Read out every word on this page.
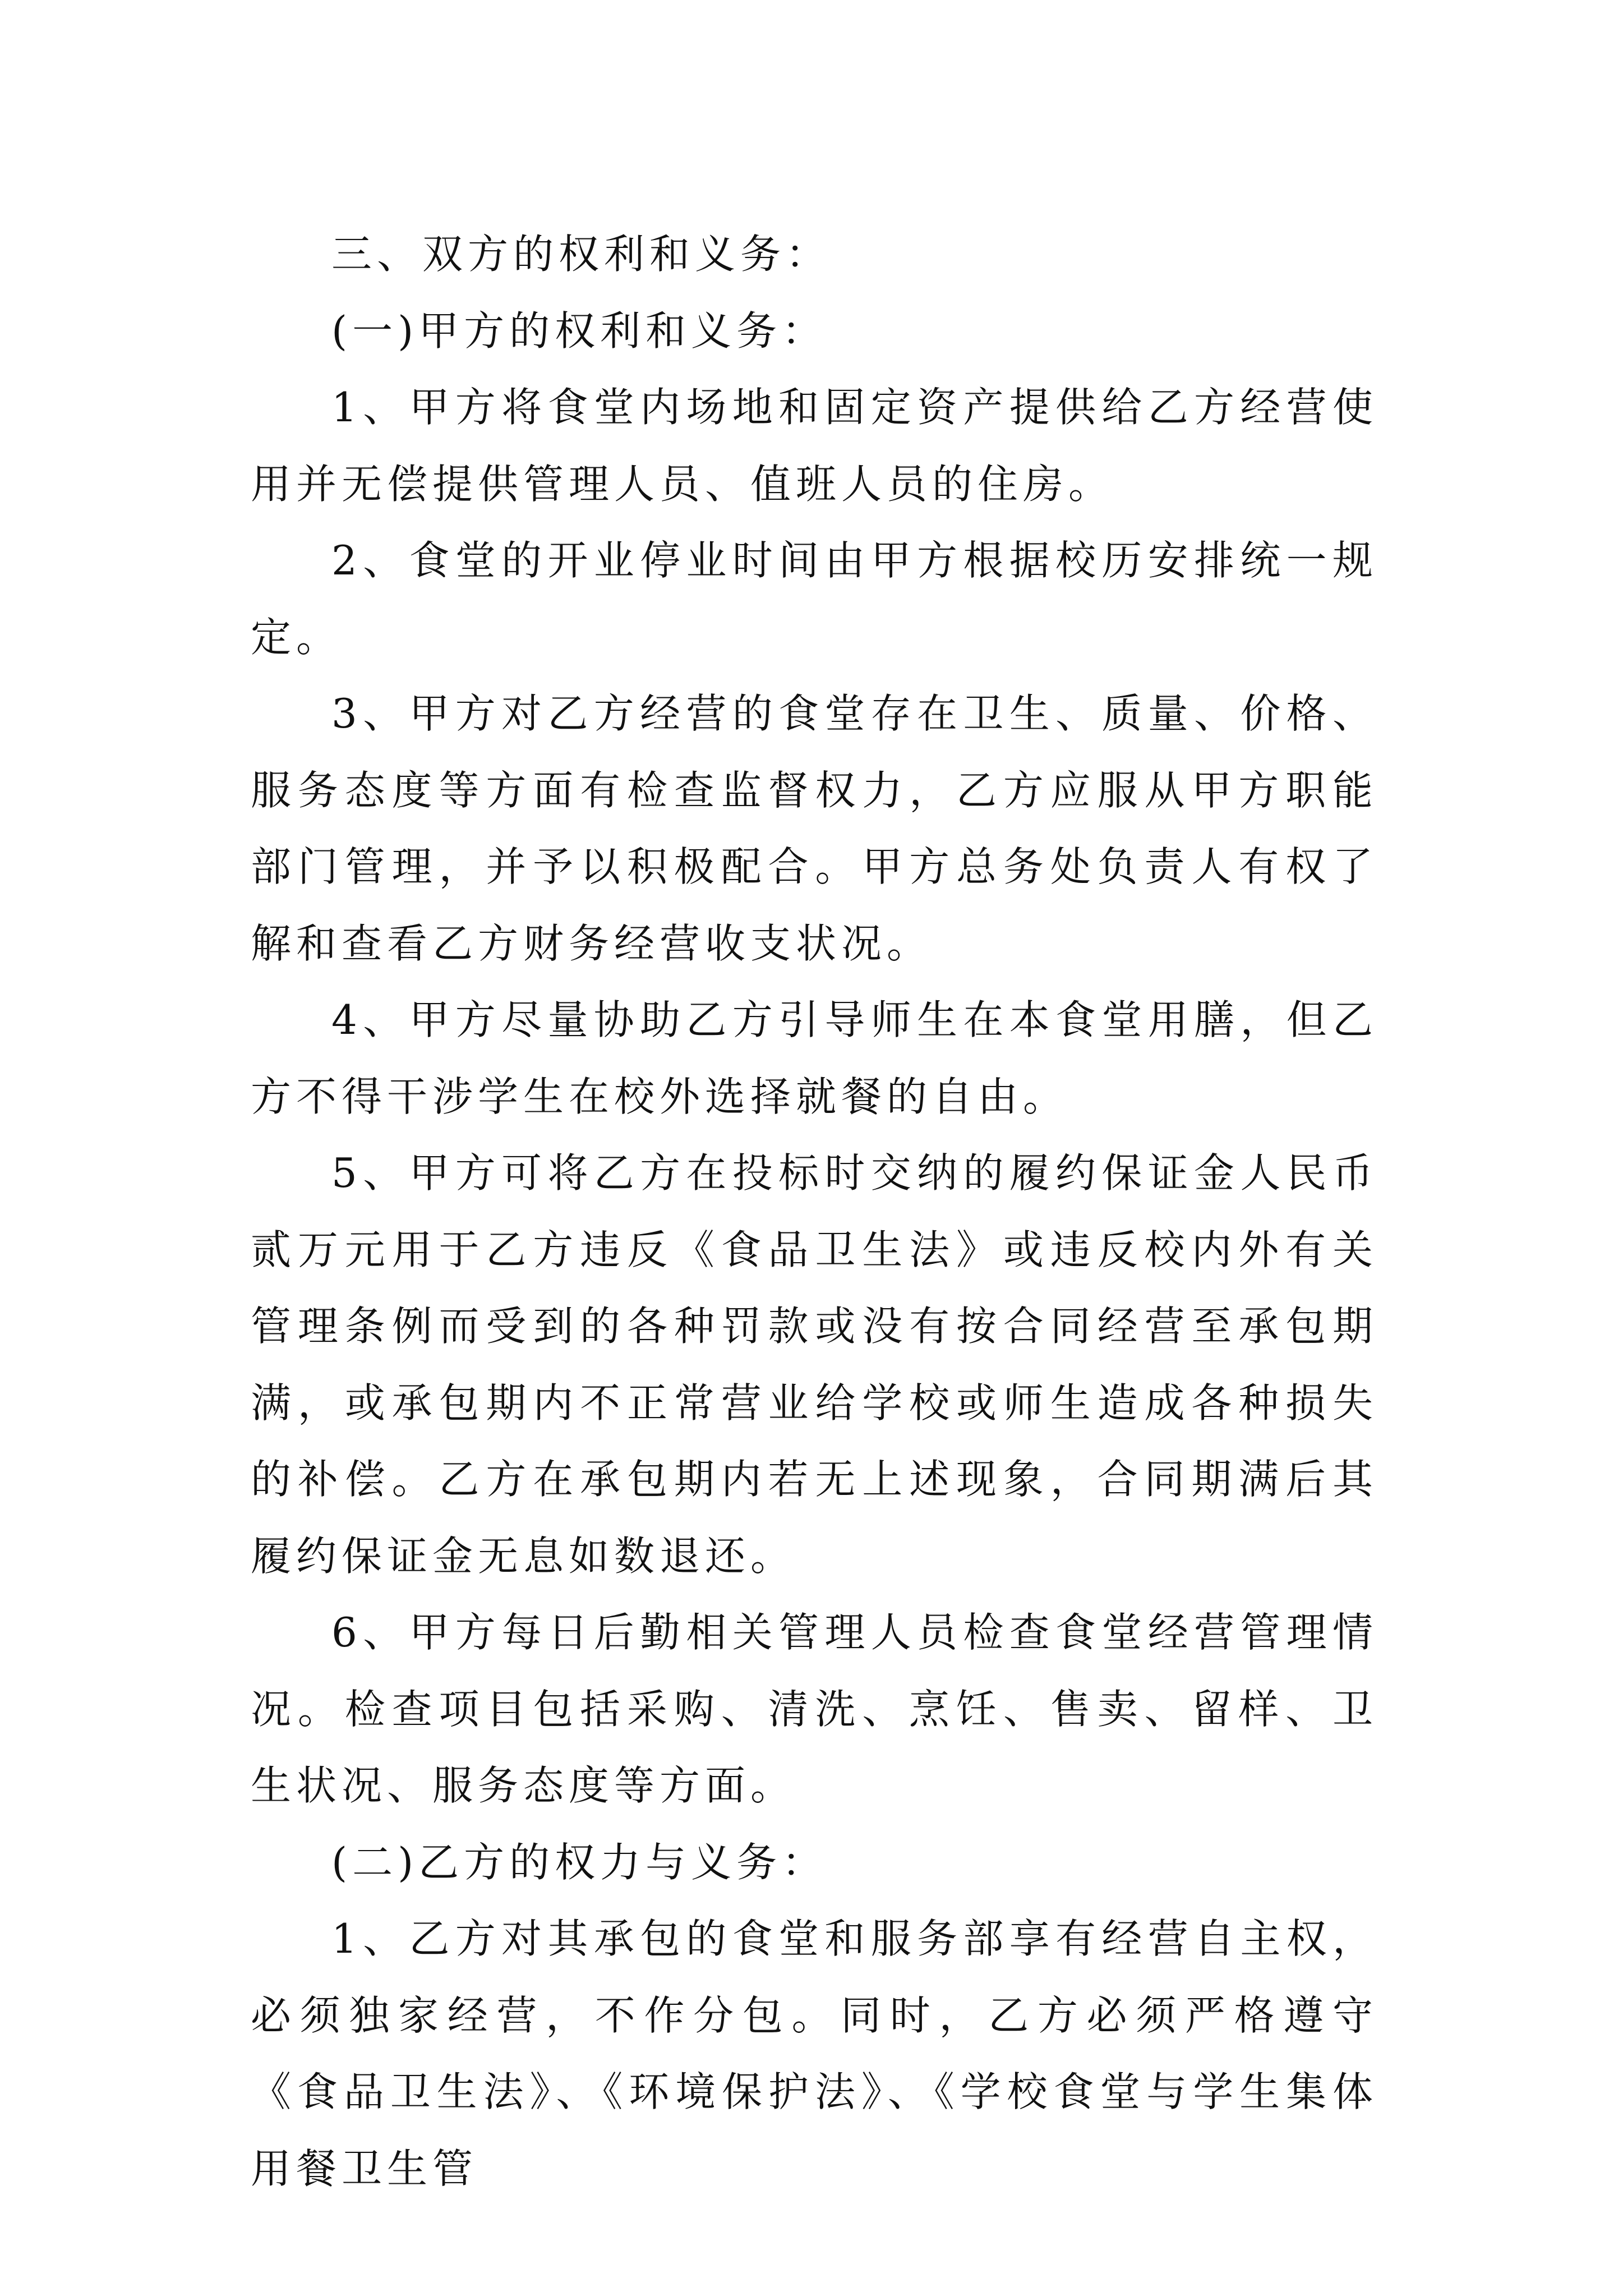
三、双方的权利和义务：

(一)甲方的权利和义务：

1、甲方将食堂内场地和固定资产提供给乙方经营使用并无偿提供管理人员、值班人员的住房。

2、食堂的开业停业时间由甲方根据校历安排统一规定。

3、甲方对乙方经营的食堂存在卫生、质量、价格、服务态度等方面有检查监督权力，乙方应服从甲方职能部门管理，并予以积极配合。甲方总务处负责人有权了解和查看乙方财务经营收支状况。

4、甲方尽量协助乙方引导师生在本食堂用膳，但乙方不得干涉学生在校外选择就餐的自由。

5、甲方可将乙方在投标时交纳的履约保证金人民币贰万元用于乙方违反《食品卫生法》或违反校内外有关管理条例而受到的各种罚款或没有按合同经营至承包期满，或承包期内不正常营业给学校或师生造成各种损失的补偿。乙方在承包期内若无上述现象，合同期满后其履约保证金无息如数退还。

6、甲方每日后勤相关管理人员检查食堂经营管理情况。检查项目包括采购、清洗、烹饪、售卖、留样、卫生状况、服务态度等方面。

(二)乙方的权力与义务：

1、乙方对其承包的食堂和服务部享有经营自主权，必须独家经营，不作分包。同时，乙方必须严格遵守《食品卫生法》、《环境保护法》、《学校食堂与学生集体用餐卫生管
